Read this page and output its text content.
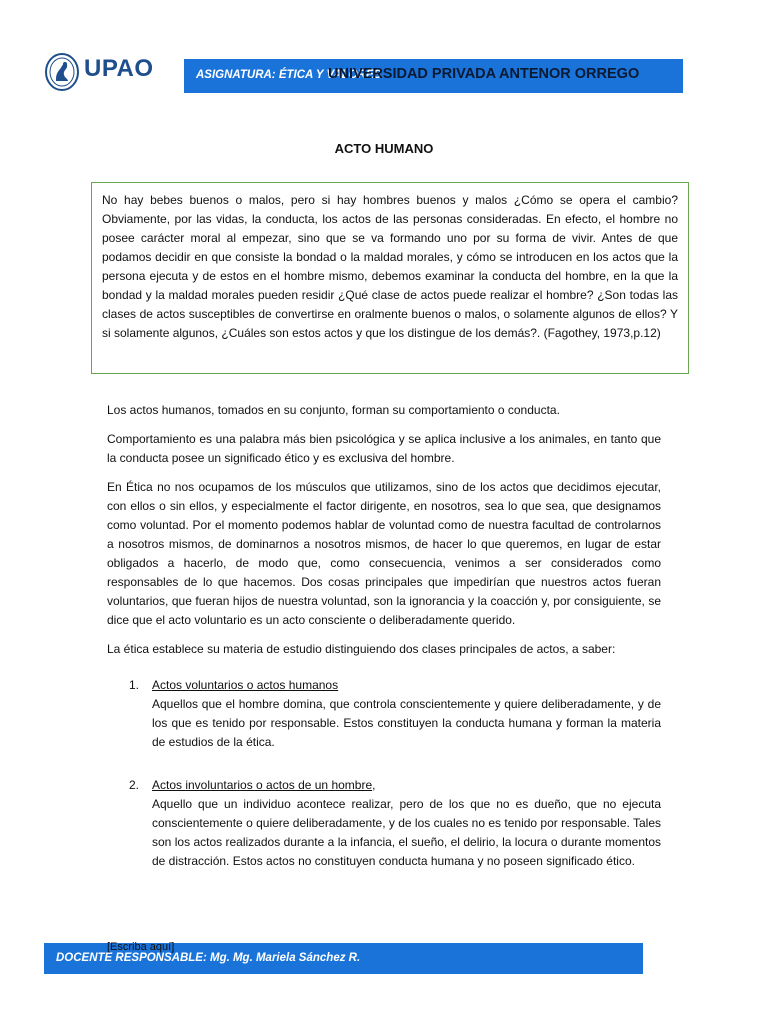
UPAO	ASIGNATURA: ÉTICA Y VALORES
UNIVERSIDAD PRIVADA ANTENOR ORREGO
ACTO HUMANO

No hay bebes buenos o malos, pero si hay hombres buenos y malos ¿Cómo se opera el cambio? Obviamente, por las vidas, la conducta, los actos de las personas consideradas. En efecto, el hombre no posee carácter moral al empezar, sino que se va formando uno por su forma de vivir. Antes de que podamos decidir en que consiste la bondad o la maldad morales, y cómo se introducen en los actos que la persona ejecuta y de estos en el hombre mismo, debemos examinar la conducta del hombre, en la que la bondad y la maldad morales pueden residir ¿Qué clase de actos puede realizar el hombre? ¿Son todas las clases de actos susceptibles de convertirse en oralmente buenos o malos, o solamente algunos de ellos? Y si solamente algunos, ¿Cuáles son estos actos y que los distingue de los demás?. (Fagothey, 1973,p.12)

Los actos humanos, tomados en su conjunto, forman su comportamiento o conducta.

Comportamiento es una palabra más bien psicológica y se aplica inclusive a los animales, en tanto que la conducta posee un significado ético y es exclusiva del hombre.

En Ética no nos ocupamos de los músculos que utilizamos, sino de los actos que decidimos ejecutar, con ellos o sin ellos, y especialmente el factor dirigente, en nosotros, sea lo que sea, que designamos como voluntad. Por el momento podemos hablar de voluntad como de nuestra facultad de controlarnos a nosotros mismos, de dominarnos a nosotros mismos, de hacer lo que queremos, en lugar de estar obligados a hacerlo, de modo que, como consecuencia, venimos a ser considerados como responsables de lo que hacemos. Dos cosas principales que impedirían que nuestros actos fueran voluntarios, que fueran hijos de nuestra voluntad, son la ignorancia y la coacción y, por consiguiente, se dice que el acto voluntario es un acto consciente o deliberadamente querido.

La ética establece su materia de estudio distinguiendo dos clases principales de actos, a saber:

1. Actos voluntarios o actos humanos

Aquellos que el hombre domina, que controla conscientemente y quiere deliberadamente, y de los que es tenido por responsable. Estos constituyen la conducta humana y forman la materia de estudios de la ética.

2. Actos involuntarios o actos de un hombre,

Aquello que un individuo acontece realizar, pero de los que no es dueño, que no ejecuta conscientemente o quiere deliberadamente, y de los cuales no es tenido por responsable. Tales son los actos realizados durante a la infancia, el sueño, el delirio, la locura o durante momentos de distracción. Estos actos no constituyen conducta humana y no poseen significado ético.

DOCENTE RESPONSABLE: Mg. Mg. Mariela Sánchez R.
[Escriba aquí]
